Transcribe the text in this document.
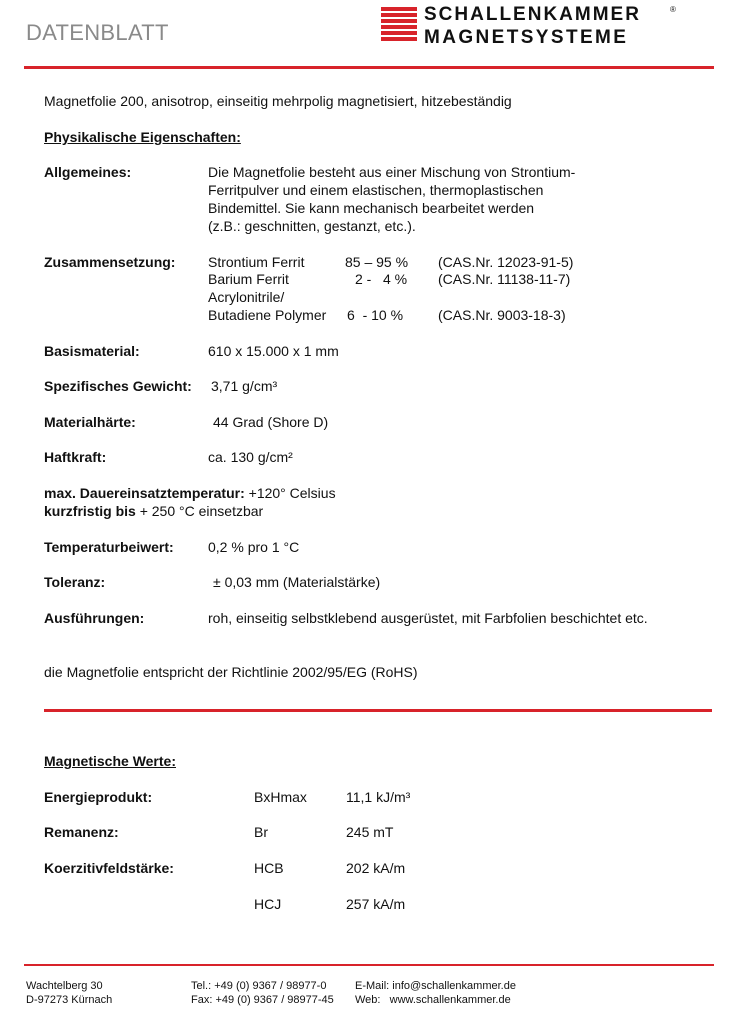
DATENBLATT
SCHALLENKAMMER
MAGNETSYSTEME
®
Magnetfolie 200, anisotrop, einseitig mehrpolig magnetisiert, hitzebeständig
Physikalische Eigenschaften:
Allgemeines:	Die Magnetfolie besteht aus einer Mischung von Strontium-
Ferritpulver und einem elastischen, thermoplastischen
Bindemittel. Sie kann mechanisch bearbeitet werden
(z.B.: geschnitten, gestanzt, etc.).
Zusammensetzung: Strontium Ferrit	85 – 95 % (CAS.Nr. 12023-91-5)
Barium Ferrit	2 -   4 % (CAS.Nr. 11138-11-7)
Acrylonitrile/
Butadiene Polymer 6  - 10 % (CAS.Nr. 9003-18-3)
Basismaterial:	610 x 15.000 x 1 mm
Spezifisches Gewicht: 3,71 g/cm³
Materialhärte:	44 Grad (Shore D)
Haftkraft:	ca. 130 g/cm²
max. Dauereinsatztemperatur: +120° Celsius
kurzfristig bis + 250 °C einsetzbar
Temperaturbeiwert: 0,2 % pro 1 °C
Toleranz:	± 0,03 mm (Materialstärke)
Ausführungen:	roh, einseitig selbstklebend ausgerüstet, mit Farbfolien beschichtet etc.
die Magnetfolie entspricht der Richtlinie 2002/95/EG (RoHS)
Magnetische Werte:
Energieprodukt:	BxHmax	11,1 kJ/m³
Remanenz:	Br	245 mT
Koerzitivfeldstärke:	HCB	202 kA/m
HCJ	257 kA/m
Wachtelberg 30
D-97273 Kürnach
Tel.: +49 (0) 9367 / 98977-0
Fax: +49 (0) 9367 / 98977-45
E-Mail: info@schallenkammer.de
Web:   www.schallenkammer.de
